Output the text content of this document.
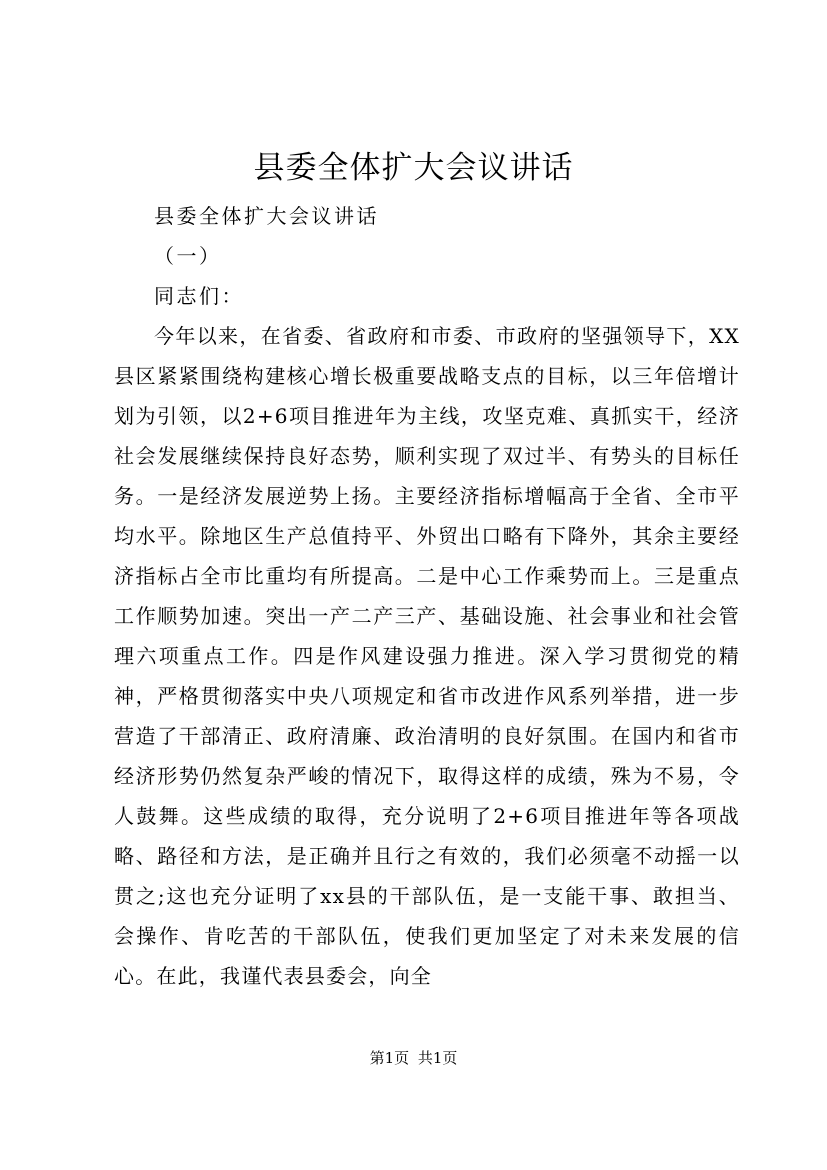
县委全体扩大会议讲话

县委全体扩大会议讲话

（一）

同志们：

今年以来，在省委、省政府和市委、市政府的坚强领导下，XX县区紧紧围绕构建核心增长极重要战略支点的目标，以三年倍增计划为引领，以2+6项目推进年为主线，攻坚克难、真抓实干，经济社会发展继续保持良好态势，顺利实现了双过半、有势头的目标任务。一是经济发展逆势上扬。主要经济指标增幅高于全省、全市平均水平。除地区生产总值持平、外贸出口略有下降外，其余主要经济指标占全市比重均有所提高。二是中心工作乘势而上。三是重点工作顺势加速。突出一产二产三产、基础设施、社会事业和社会管理六项重点工作。四是作风建设强力推进。深入学习贯彻党的精神，严格贯彻落实中央八项规定和省市改进作风系列举措，进一步营造了干部清正、政府清廉、政治清明的良好氛围。在国内和省市经济形势仍然复杂严峻的情况下，取得这样的成绩，殊为不易，令人鼓舞。这些成绩的取得，充分说明了2+6项目推进年等各项战略、路径和方法，是正确并且行之有效的，我们必须毫不动摇一以贯之;这也充分证明了xx县的干部队伍，是一支能干事、敢担当、会操作、肯吃苦的干部队伍，使我们更加坚定了对未来发展的信心。在此，我谨代表县委会，向全

第1页 共1页
